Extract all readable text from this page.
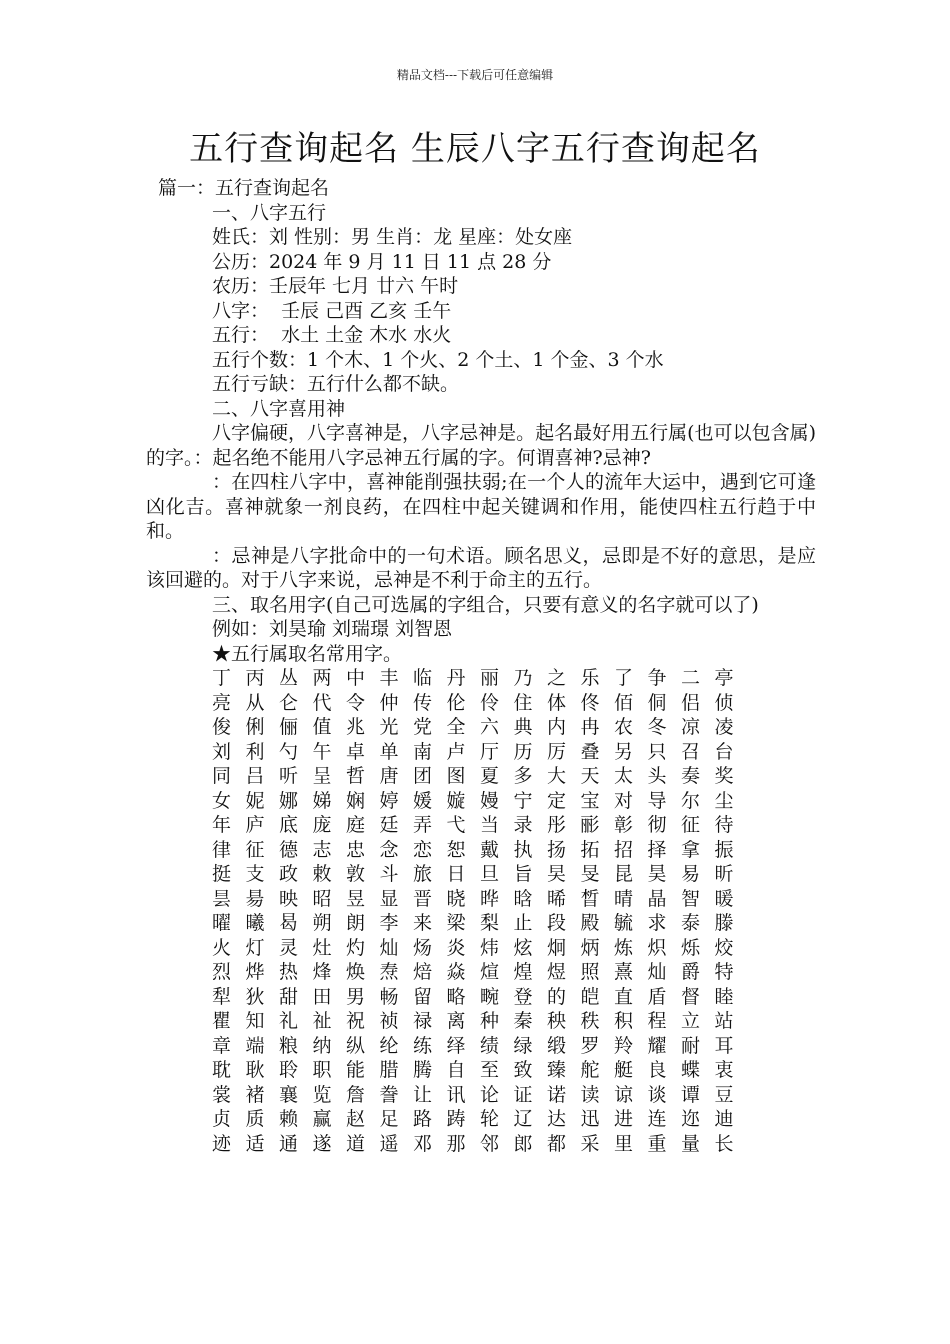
精品文档---下载后可任意编辑
五行查询起名 生辰八字五行查询起名

篇一：五行查询起名

一、八字五行

姓氏：刘 性别：男 生肖：龙 星座：处女座

公历：2024 年 9 月 11 日 11 点 28 分

农历：壬辰年 七月 廿六 午时

八字：  壬辰 己酉 乙亥 壬午

五行：  水土 土金 木水 水火

五行个数：1 个木、1 个火、2 个土、1 个金、3 个水

五行亏缺：五行什么都不缺。

二、八字喜用神

八字偏硬，八字喜神是，八字忌神是。起名最好用五行属(也可以包含属)的字。：起名绝不能用八字忌神五行属的字。何谓喜神?忌神?

：在四柱八字中，喜神能削强扶弱;在一个人的流年大运中，遇到它可逢凶化吉。喜神就象一剂良药，在四柱中起关键调和作用，能使四柱五行趋于中和。

：忌神是八字批命中的一句术语。顾名思义，忌即是不好的意思，是应该回避的。对于八字来说，忌神是不利于命主的五行。

三、取名用字(自己可选属的字组合，只要有意义的名字就可以了)

例如：刘昊瑜 刘瑞璟 刘智恩

★五行属取名常用字。

丁 丙 丛 两 中 丰 临 丹 丽 乃 之 乐 了 争 二 亭
亮 从 仑 代 令 仲 传 伦 伶 住 体 佟 佰 侗 侣 侦
俊 俐 俪 值 兆 光 党 全 六 典 内 冉 农 冬 凉 凌
刘 利 勺 午 卓 单 南 卢 厅 历 厉 叠 另 只 召 台
同 吕 听 呈 哲 唐 团 图 夏 多 大 天 太 头 奏 奖
女 妮 娜 娣 娴 婷 媛 嫙 嫚 宁 定 宝 对 导 尔 尘
年 庐 底 庞 庭 廷 弄 弋 当 录 彤 彨 彰 彻 征 待
律 征 德 志 忠 念 恋 恕 戴 执 扬 拓 招 择 拿 振
挺 支 政 敕 敦 斗 旅 日 旦 旨 旲 旻 昆 昊 易 昕
昙 昜 映 昭 昱 显 晋 晓 晔 晗 晞 晳 晴 晶 智 暖
曜 曦 曷 朔 朗 李 来 梁 梨 止 段 殿 毓 求 泰 滕
火 灯 灵 灶 灼 灿 炀 炎 炜 炫 炯 炳 炼 炽 烁 烄
烈 烨 热 烽 焕 焘 焙 焱 煊 煌 煜 照 熹 灿 爵 特
犁 狄 甜 田 男 畅 留 略 畹 登 的 皑 直 盾 督 睦
瞿 知 礼 祉 祝 祯 禄 离 种 秦 秧 秩 积 程 立 站
章 端 粮 纳 纵 纶 练 绎 绩 绿 缎 罗 羚 耀 耐 耳
耽 耿 聆 职 能 腊 腾 自 至 致 臻 舵 艇 良 蝶 衷
裳 褚 襄 览 詹 誊 让 讯 论 证 诺 读 谅 谈 谭 豆
贞 质 赖 赢 赵 足 路 踌 轮 辽 达 迅 进 连 迩 迪
迹 适 通 遂 道 遥 邓 那 邻 郎 都 采 里 重 量 长
